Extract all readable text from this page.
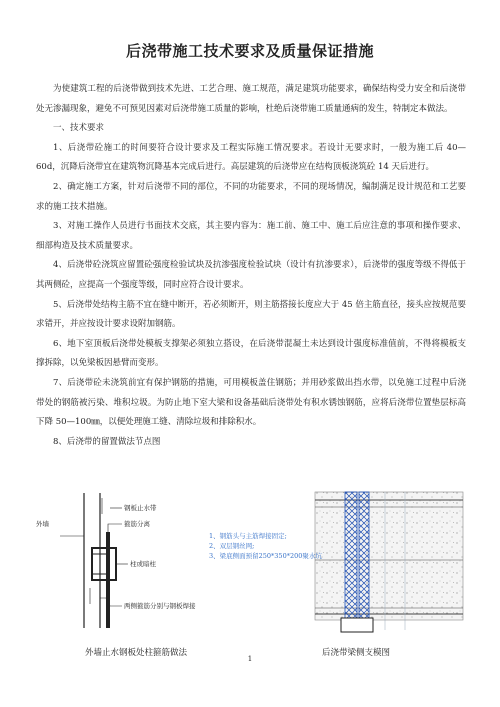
后浇带施工技术要求及质量保证措施

为使建筑工程的后浇带做到技术先进、工艺合理、施工规范，满足建筑功能要求，确保结构受力安全和后浇带处无渗漏现象，避免不可预见因素对后浇带施工质量的影响，杜绝后浇带施工质量通病的发生，特制定本做法。

一、技术要求

1、后浇带砼施工的时间要符合设计要求及工程实际施工情况要求。若设计无要求时，一般为施工后 40—60d，沉降后浇带宜在建筑物沉降基本完成后进行。高层建筑的后浇带应在结构顶板浇筑砼 14 天后进行。

2、确定施工方案，针对后浇带不同的部位，不同的功能要求，不同的现场情况，编制满足设计规范和工艺要求的施工技术措施。

3、对施工操作人员进行书面技术交底，其主要内容为：施工前、施工中、施工后应注意的事项和操作要求、细部构造及技术质量要求。

4、后浇带砼浇筑应留置砼强度检验试块及抗渗强度检验试块（设计有抗渗要求），后浇带的强度等级不得低于其两侧砼，应提高一个强度等级，同时应符合设计要求。

5、后浇带处结构主筋不宜在缝中断开，若必须断开，则主筋搭接长度应大于 45 倍主筋直径，接头应按规范要求错开，并应按设计要求设附加钢筋。

6、地下室顶板后浇带处模板支撑架必须独立搭设，在后浇带混凝土未达到设计强度标准值前，不得将模板支撑拆除，以免梁板因悬臂而变形。

7、后浇带砼未浇筑前宜有保护钢筋的措施，可用模板盖住钢筋；并用砂浆做出挡水带，以免施工过程中后浇带处的钢筋被污染、堆积垃圾。为防止地下室大梁和设备基础后浇带处有积水锈蚀钢筋，应将后浇带位置垫层标高下降 50—100㎜，以便处理施工缝、清除垃圾和排除积水。

8、后浇带的留置做法节点图

钢板止水带
外墙	箍筋分离
柱或暗柱
两侧箍筋分别与钢板焊接
1、钢筋头与主筋焊接固定;
2、双层钢丝网;
3、梁底侧面预留250*350*200聚水坑
外墙止水钢板处柱箍筋做法	后浇带梁侧支模图
1
